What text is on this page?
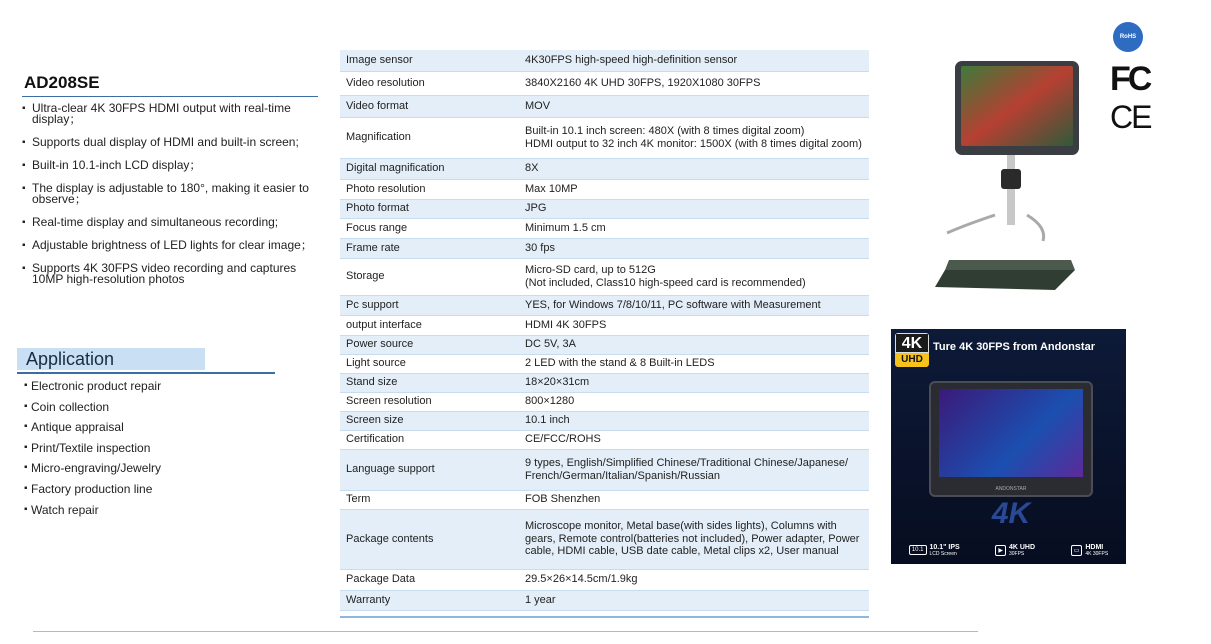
AD208SE
▪ Ultra-clear 4K 30FPS HDMI output with real-time display；
▪ Supports dual display of HDMI and built-in screen;
▪ Built-in 10.1-inch LCD display；
▪ The display is adjustable to 180°, making it easier to observe；
▪ Real-time display and simultaneous recording;
▪ Adjustable brightness of LED lights for clear image；
▪ Supports 4K 30FPS video recording and captures 10MP high-resolution photos
Application
▪ Electronic product repair
▪ Coin collection
▪ Antique appraisal
▪ Print/Textile inspection
▪ Micro-engraving/Jewelry
▪ Factory production line
▪ Watch repair
Image sensor	4K30FPS high-speed high-definition sensor
Video resolution	3840X2160 4K UHD 30FPS, 1920X1080 30FPS
Video format	MOV
Magnification	Built-in 10.1 inch screen: 480X (with 8 times digital zoom)
HDMI output to 32 inch 4K monitor: 1500X (with 8 times digital zoom)
Digital magnification	8X
Photo resolution	Max 10MP
Photo format	JPG
Focus range	Minimum 1.5 cm
Frame rate	30 fps
Storage	Micro-SD card, up to 512G
(Not included, Class10 high-speed card is recommended)
Pc support	YES, for Windows 7/8/10/11, PC software with Measurement
output interface	HDMI 4K 30FPS
Power source	DC 5V, 3A
Light source	2 LED with the stand & 8 Built-in LEDS
Stand size	18×20×31cm
Screen resolution	800×1280
Screen size	10.1 inch
Certification	CE/FCC/ROHS
Language support	9 types, English/Simplified Chinese/Traditional Chinese/Japanese/
French/German/Italian/Spanish/Russian
Term	FOB Shenzhen
Package contents	Microscope monitor, Metal base(with sides lights), Columns with gears, Remote control(batteries not included), Power adapter, Power cable, HDMI cable, USB date cable, Metal clips x2, User manual
Package Data	29.5×26×14.5cm/1.9kg
Warranty	1 year
RoHS
FC
CE
4K
UHD
Ture 4K 30FPS from Andonstar
ANDONSTAR
4K
10.1 10.1" IPS
LCD Screen	▶ 4K UHD
30FPS	▭ HDMI
4K 30FPS
